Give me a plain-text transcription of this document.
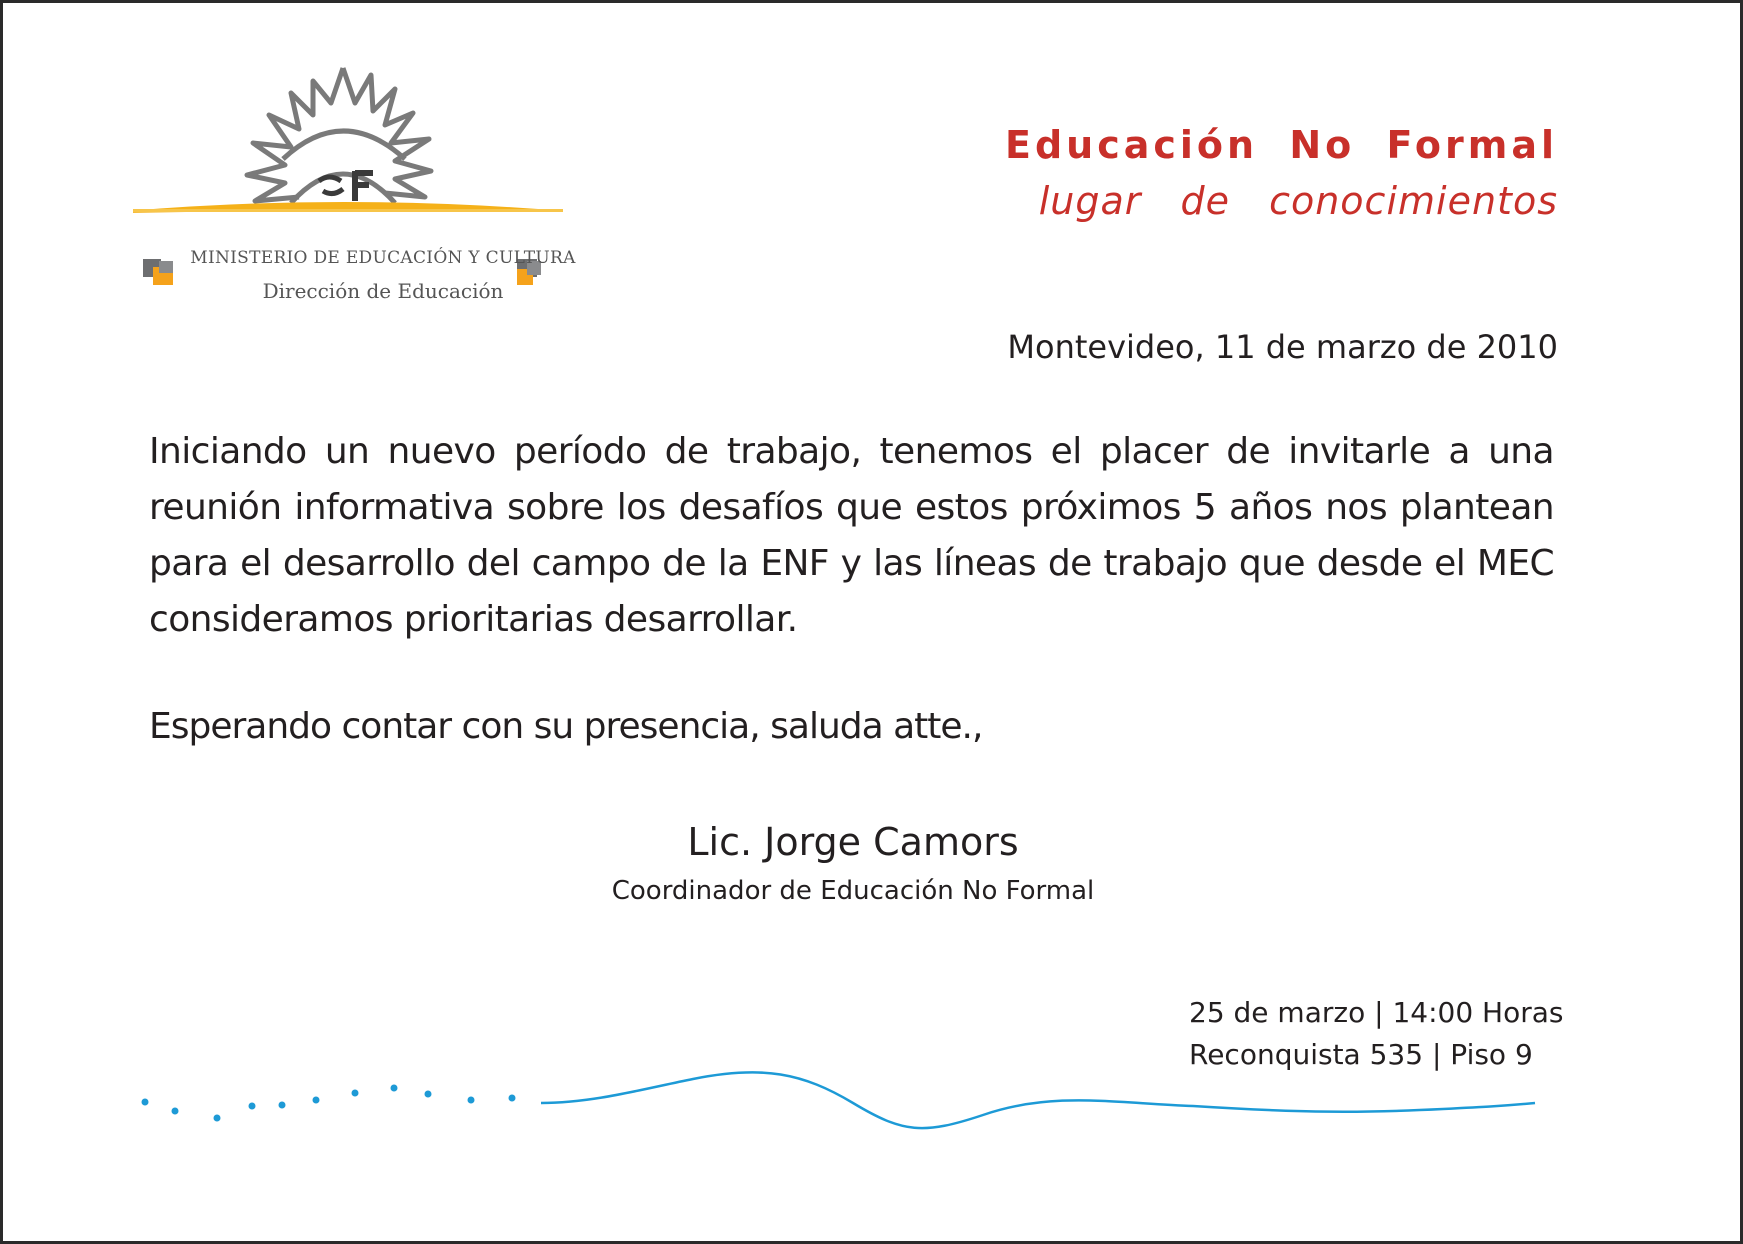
MINISTERIO DE EDUCACIÓN Y CULTURA
Dirección de Educación
Educación No Formal
lugar de conocimientos
Montevideo, 11 de marzo de 2010
Iniciando un nuevo período de trabajo, tenemos el placer de invitarle a una reunión informativa sobre los desafíos que estos próximos 5 años nos plantean para el desarrollo del campo de la ENF y las líneas de trabajo que desde el MEC consideramos prioritarias desarrollar.
Esperando contar con su presencia, saluda atte.,
Lic. Jorge Camors
Coordinador de Educación No Formal
25 de marzo | 14:00 Horas
Reconquista 535 | Piso 9
